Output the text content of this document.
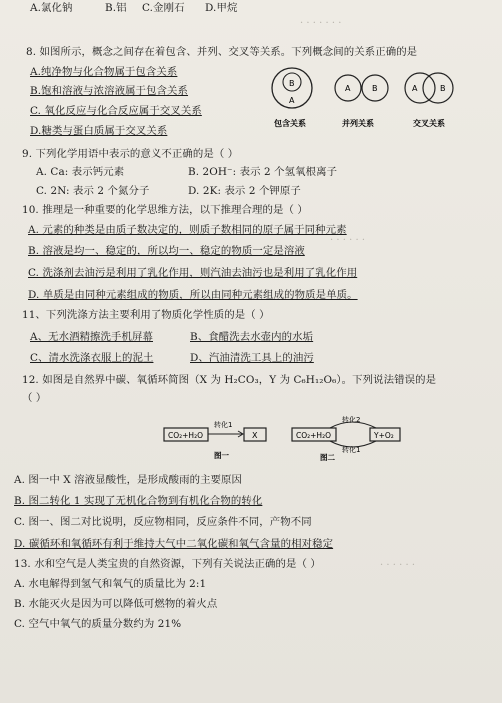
· · · · · · ·
· · · · · ·
· · · · · ·
A.氯化钠	B.铝 C.金刚石 D.甲烷
8. 如图所示，概念之间存在着包含、并列、交叉等关系。下列概念间的关系正确的是
A.纯净物与化合物属于包含关系
B.饱和溶液与浓溶液属于包含关系
C. 氧化反应与化合反应属于交叉关系
D.糖类与蛋白质属于交叉关系
B
A
包含关系
A	B
并列关系
A	B
交叉关系
9. 下列化学用语中表示的意义不正确的是（ ）
A. Ca: 表示钙元素	B. 2OH⁻: 表示 2 个氢氧根离子
C. 2N: 表示 2 个氮分子	D. 2K: 表示 2 个钾原子
10. 推理是一种重要的化学思维方法，以下推理合理的是（ ）
A. 元素的种类是由质子数决定的，则质子数相同的原子属于同种元素
B. 溶液是均一、稳定的，所以均一、稳定的物质一定是溶液
C. 洗涤剂去油污是利用了乳化作用，则汽油去油污也是利用了乳化作用
D. 单质是由同种元素组成的物质，所以由同种元素组成的物质是单质。
11、下列洗涤方法主要利用了物质化学性质的是（ ）
A、无水酒精擦洗手机屏幕	B、食醋洗去水壶内的水垢
C、清水洗涤衣服上的泥土	D、汽油清洗工具上的油污
12. 如图是自然界中碳、氧循环简图（X 为 H₂CO₃，Y 为 C₆H₁₂O₆）。下列说法错误的是
（ ）
CO₂+H₂O	X
转化1
图一
CO₂+H₂O	Y+O₂
转化2
转化1
图二
A. 图一中 X 溶液显酸性，是形成酸雨的主要原因
B. 图二转化 1 实现了无机化合物到有机化合物的转化
C. 图一、图二对比说明，反应物相同，反应条件不同，产物不同
D. 碳循环和氧循环有利于维持大气中二氧化碳和氧气含量的相对稳定
13. 水和空气是人类宝贵的自然资源，下列有关说法正确的是（ ）
A. 水电解得到氢气和氧气的质量比为 2:1
B. 水能灭火是因为可以降低可燃物的着火点
C. 空气中氧气的质量分数约为 21%
